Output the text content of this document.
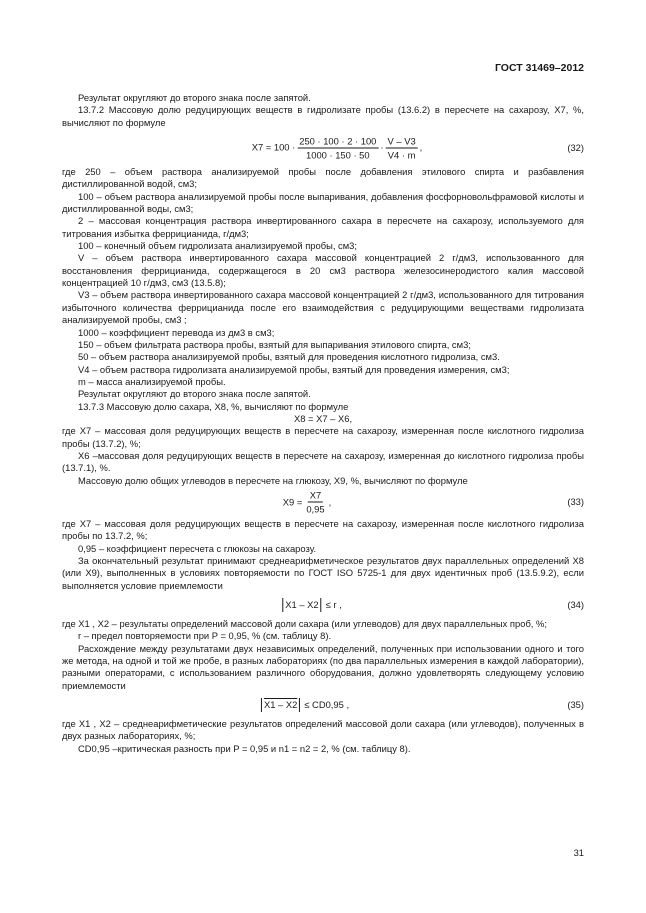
ГОСТ 31469–2012

Результат округляют до второго знака после запятой.

13.7.2 Массовую долю редуцирующих веществ в гидролизате пробы (13.6.2) в пересчете на сахарозу, X7, %, вычисляют по формуле

$X7 = 100 \cdot \frac{250 \cdot 100 \cdot 2 \cdot 100}{1000 \cdot 150 \cdot 50} \cdot \frac{V - V3}{V4 \cdot m}$ ,	(32)

где 250 – объем раствора анализируемой пробы после добавления этилового спирта и разбавления дистиллированной водой, см3;

100 – объем раствора анализируемой пробы после выпаривания, добавления фосфорновольфрамовой кислоты и дистиллированной воды, см3;

2 – массовая концентрация раствора инвертированного сахара в пересчете на сахарозу, используемого для титрования избытка феррицианида, г/дм3;

100 – конечный объем гидролизата анализируемой пробы, см3;

V – объем раствора инвертированного сахара массовой концентрацией 2 г/дм3, использованного для восстановления феррицианида, содержащегося в 20 см3 раствора железосинеродистого калия массовой концентрацией 10 г/дм3, см3 (13.5.8);

V3 – объем раствора инвертированного сахара массовой концентрацией 2 г/дм3, использованного для титрования избыточного количества феррицианида после его взаимодействия с редуцирующими веществами гидролизата анализируемой пробы, см3 ;

1000 – коэффициент перевода из дм3 в см3;

150 – объем фильтрата раствора пробы, взятый для выпаривания этилового спирта, см3;

50 – объем раствора анализируемой пробы, взятый для проведения кислотного гидролиза, см3.

V4 – объем раствора гидролизата анализируемой пробы, взятый для проведения измерения, см3;

m – масса анализируемой пробы.

Результат округляют до второго знака после запятой.

13.7.3 Массовую долю сахара, X8, %, вычисляют по формуле

X8 = X7 – X6,

где X7 – массовая доля редуцирующих веществ в пересчете на сахарозу, измеренная после кислотного гидролиза пробы (13.7.2), %;

X6 –массовая доля редуцирующих веществ в пересчете на сахарозу, измеренная до кислотного гидролиза пробы (13.7.1), %.

Массовую долю общих углеводов в пересчете на глюкозу, X9, %, вычисляют по формуле

$X9 = \frac{X7}{0,95}$ ,	(33)

где X7 – массовая доля редуцирующих веществ в пересчете на сахарозу, измеренная после кислотного гидролиза пробы по 13.7.2, %;

0,95 – коэффициент пересчета с глюкозы на сахарозу.

За окончательный результат принимают среднеарифметическое результатов двух параллельных определений X8 (или X9), выполненных в условиях повторяемости по ГОСТ ISO 5725-1 для двух идентичных проб (13.5.9.2), если выполняется условие приемлемости

X1 – X2 ≤ r ,	(34)

где X1 , X2 – результаты определений массовой доли сахара (или углеводов) для двух параллельных проб, %;

r – предел повторяемости при P = 0,95, % (см. таблицу 8).

Расхождение между результатами двух независимых определений, полученных при использовании одного и того же метода, на одной и той же пробе, в разных лабораториях (по два параллельных измерения в каждой лаборатории), разными операторами, с использованием различного оборудования, должно удовлетворять следующему условию приемлемости

X1 – X2 ≤ CD0,95 ,	(35)

где X1 , X2 – среднеарифметические результатов определений массовой доли сахара (или углеводов), полученных в двух разных лабораториях, %;

CD0,95 –критическая разность при P = 0,95 и n1 = n2 = 2, % (см. таблицу 8).

31
